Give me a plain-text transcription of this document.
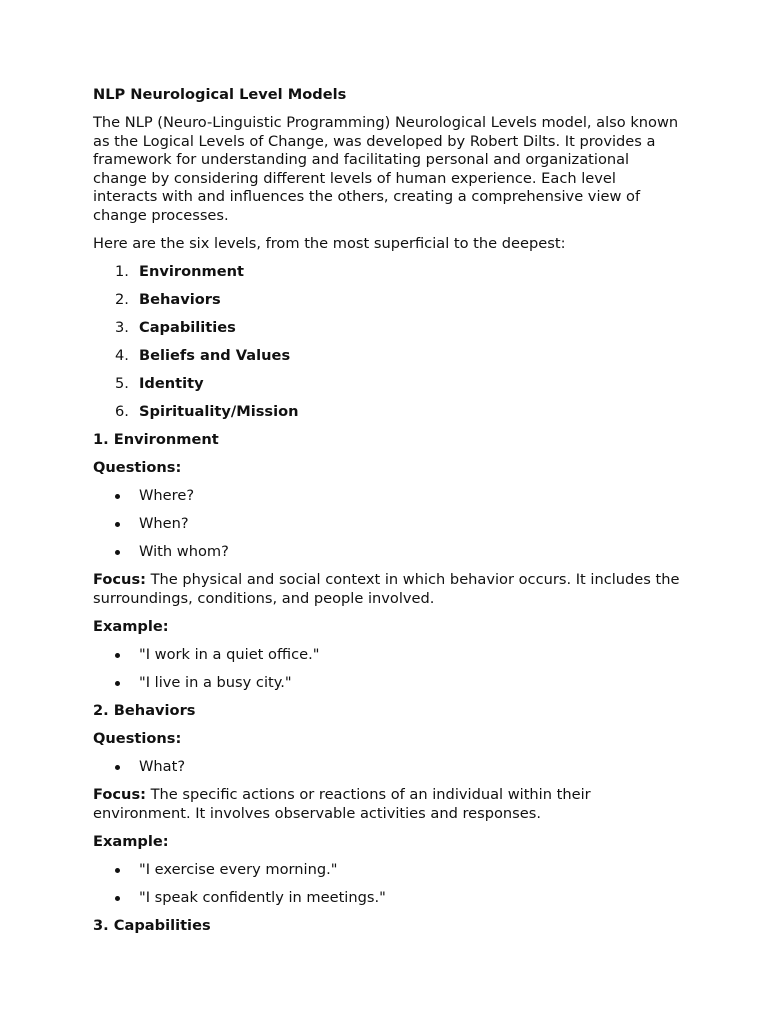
NLP Neurological Level Models
The NLP (Neuro-Linguistic Programming) Neurological Levels model, also known as the Logical Levels of Change, was developed by Robert Dilts. It provides a framework for understanding and facilitating personal and organizational change by considering different levels of human experience. Each level interacts with and influences the others, creating a comprehensive view of change processes.
Here are the six levels, from the most superficial to the deepest:
1. Environment
2. Behaviors
3. Capabilities
4. Beliefs and Values
5. Identity
6. Spirituality/Mission
1. Environment
Questions:
Where?
When?
With whom?
Focus: The physical and social context in which behavior occurs. It includes the surroundings, conditions, and people involved.
Example:
"I work in a quiet office."
"I live in a busy city."
2. Behaviors
Questions:
What?
Focus: The specific actions or reactions of an individual within their environment. It involves observable activities and responses.
Example:
"I exercise every morning."
"I speak confidently in meetings."
3. Capabilities
